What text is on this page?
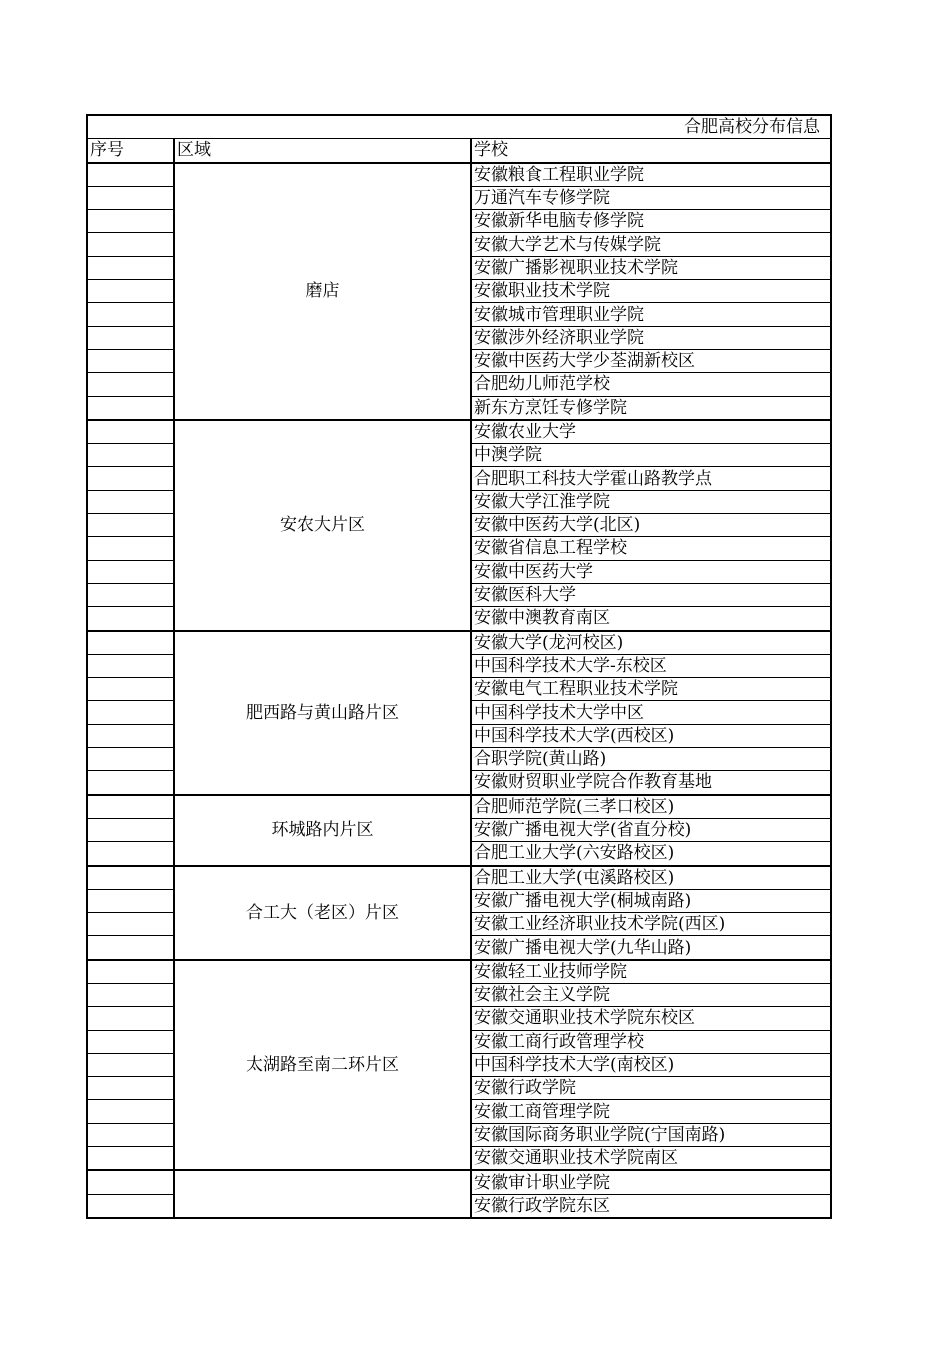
合肥高校分布信息		
序号	区域	学校
	磨店	安徽粮食工程职业学院
		万通汽车专修学院
		安徽新华电脑专修学院
		安徽大学艺术与传媒学院
		安徽广播影视职业技术学院
		安徽职业技术学院
		安徽城市管理职业学院
		安徽涉外经济职业学院
		安徽中医药大学少荃湖新校区
		合肥幼儿师范学校
		新东方烹饪专修学院
	安农大片区	安徽农业大学
		中澳学院
		合肥职工科技大学霍山路教学点
		安徽大学江淮学院
		安徽中医药大学(北区)
		安徽省信息工程学校
		安徽中医药大学
		安徽医科大学
		安徽中澳教育南区
	肥西路与黄山路片区	安徽大学(龙河校区)
		中国科学技术大学-东校区
		安徽电气工程职业技术学院
		中国科学技术大学中区
		中国科学技术大学(西校区)
		合职学院(黄山路)
		安徽财贸职业学院合作教育基地
	环城路内片区	合肥师范学院(三孝口校区)
		安徽广播电视大学(省直分校)
		合肥工业大学(六安路校区)
	合工大（老区）片区	合肥工业大学(屯溪路校区)
		安徽广播电视大学(桐城南路)
		安徽工业经济职业技术学院(西区)
		安徽广播电视大学(九华山路)
	太湖路至南二环片区	安徽轻工业技师学院
		安徽社会主义学院
		安徽交通职业技术学院东校区
		安徽工商行政管理学校
		中国科学技术大学(南校区)
		安徽行政学院
		安徽工商管理学院
		安徽国际商务职业学院(宁国南路)
		安徽交通职业技术学院南区
		安徽审计职业学院
		安徽行政学院东区
